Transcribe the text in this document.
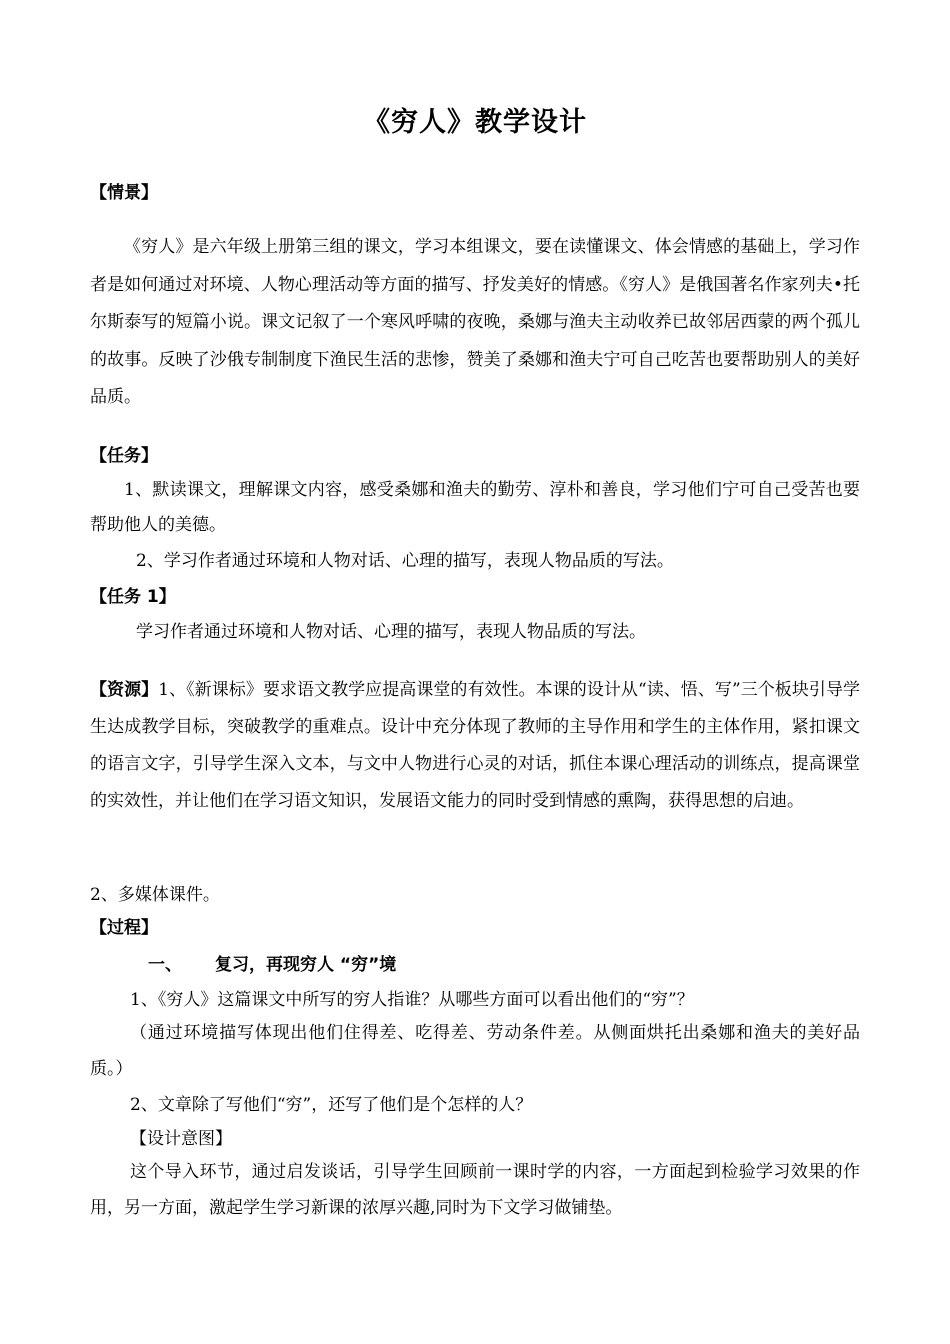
《穷人》教学设计
【情景】

《穷人》是六年级上册第三组的课文，学习本组课文，要在读懂课文、体会情感的基础上，学习作者是如何通过对环境、人物心理活动等方面的描写、抒发美好的情感。《穷人》是俄国著名作家列夫•托尔斯泰写的短篇小说。课文记叙了一个寒风呼啸的夜晚，桑娜与渔夫主动收养已故邻居西蒙的两个孤儿的故事。反映了沙俄专制制度下渔民生活的悲惨，赞美了桑娜和渔夫宁可自己吃苦也要帮助别人的美好品质。

【任务】

1、默读课文，理解课文内容，感受桑娜和渔夫的勤劳、淳朴和善良，学习他们宁可自己受苦也要帮助他人的美德。

2、学习作者通过环境和人物对话、心理的描写，表现人物品质的写法。
【任务 1】
学习作者通过环境和人物对话、心理的描写，表现人物品质的写法。

【资源】1、《新课标》要求语文教学应提高课堂的有效性。本课的设计从“读、悟、写”三个板块引导学生达成教学目标，突破教学的重难点。设计中充分体现了教师的主导作用和学生的主体作用，紧扣课文的语言文字，引导学生深入文本，与文中人物进行心灵的对话，抓住本课心理活动的训练点，提高课堂的实效性，并让他们在学习语文知识，发展语文能力的同时受到情感的熏陶，获得思想的启迪。

2、多媒体课件。
【过程】
一、 复习，再现穷人 “穷”境
1、《穷人》这篇课文中所写的穷人指谁？从哪些方面可以看出他们的“穷”？

（通过环境描写体现出他们住得差、吃得差、劳动条件差。从侧面烘托出桑娜和渔夫的美好品质。）

2、文章除了写他们“穷”，还写了他们是个怎样的人？
【设计意图】

这个导入环节，通过启发谈话，引导学生回顾前一课时学的内容，一方面起到检验学习效果的作用，另一方面，激起学生学习新课的浓厚兴趣,同时为下文学习做铺垫。
